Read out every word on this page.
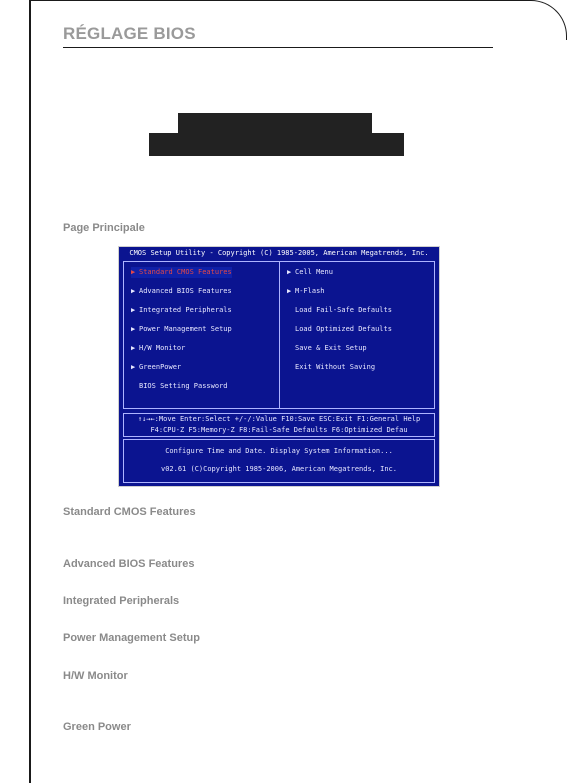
RÉGLAGE BIOS
Page Principale
CMOS Setup Utility - Copyright (C) 1985-2005, American Megatrends, Inc.
▶ Standard CMOS Features
▶ Advanced BIOS Features
▶ Integrated Peripherals
▶ Power Management Setup
▶ H/W Monitor
▶ GreenPower
BIOS Setting Password
▶ Cell Menu
▶ M-Flash
Load Fail-Safe Defaults
Load Optimized Defaults
Save & Exit Setup
Exit Without Saving
↑↓→←:Move Enter:Select +/-/:Value F10:Save ESC:Exit F1:General Help
F4:CPU-Z F5:Memory-Z F8:Fail-Safe Defaults F6:Optimized Defau
Configure Time and Date. Display System Information...
v02.61 (C)Copyright 1985-2006, American Megatrends, Inc.
Standard CMOS Features
Advanced BIOS Features
Integrated Peripherals
Power Management Setup
H/W Monitor
Green Power
